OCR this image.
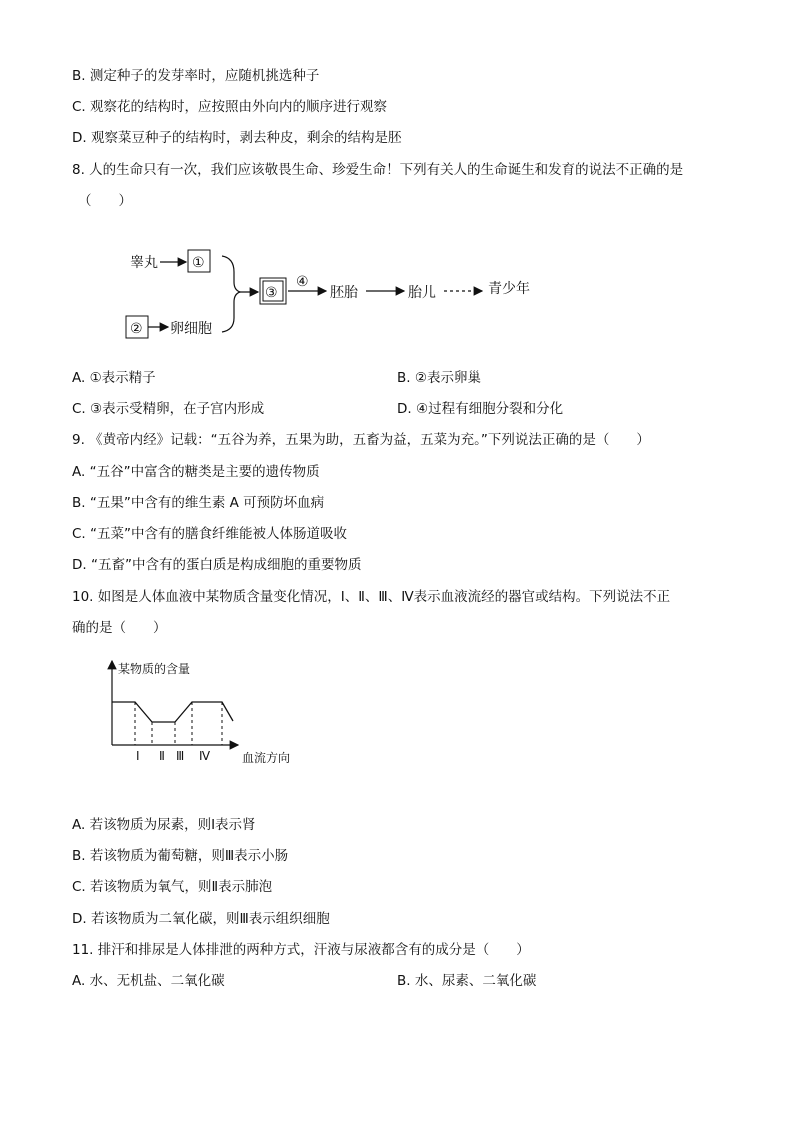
B. 测定种子的发芽率时，应随机挑选种子
C. 观察花的结构时，应按照由外向内的顺序进行观察
D. 观察菜豆种子的结构时，剥去种皮，剩余的结构是胚
8. 人的生命只有一次，我们应该敬畏生命、珍爱生命！下列有关人的生命诞生和发育的说法不正确的是
（　　）
睾丸 ①
② 卵细胞
③
④
胚胎	胎儿	青少年
A. ①表示精子	B. ②表示卵巢
C. ③表示受精卵，在子宫内形成	D. ④过程有细胞分裂和分化
9. 《黄帝内经》记载：“五谷为养，五果为助，五畜为益，五菜为充。”下列说法正确的是（　　）
A. “五谷”中富含的糖类是主要的遗传物质
B. “五果”中含有的维生素 A 可预防坏血病
C. “五菜”中含有的膳食纤维能被人体肠道吸收
D. “五畜”中含有的蛋白质是构成细胞的重要物质
10. 如图是人体血液中某物质含量变化情况，Ⅰ、Ⅱ、Ⅲ、Ⅳ表示血液流经的器官或结构。下列说法不正
确的是（　　）
某物质的含量
Ⅰ Ⅱ Ⅲ Ⅳ	血流方向
A. 若该物质为尿素，则Ⅰ表示肾
B. 若该物质为葡萄糖，则Ⅲ表示小肠
C. 若该物质为氧气，则Ⅱ表示肺泡
D. 若该物质为二氧化碳，则Ⅲ表示组织细胞
11. 排汗和排尿是人体排泄的两种方式，汗液与尿液都含有的成分是（　　）
A. 水、无机盐、二氧化碳	B. 水、尿素、二氧化碳
